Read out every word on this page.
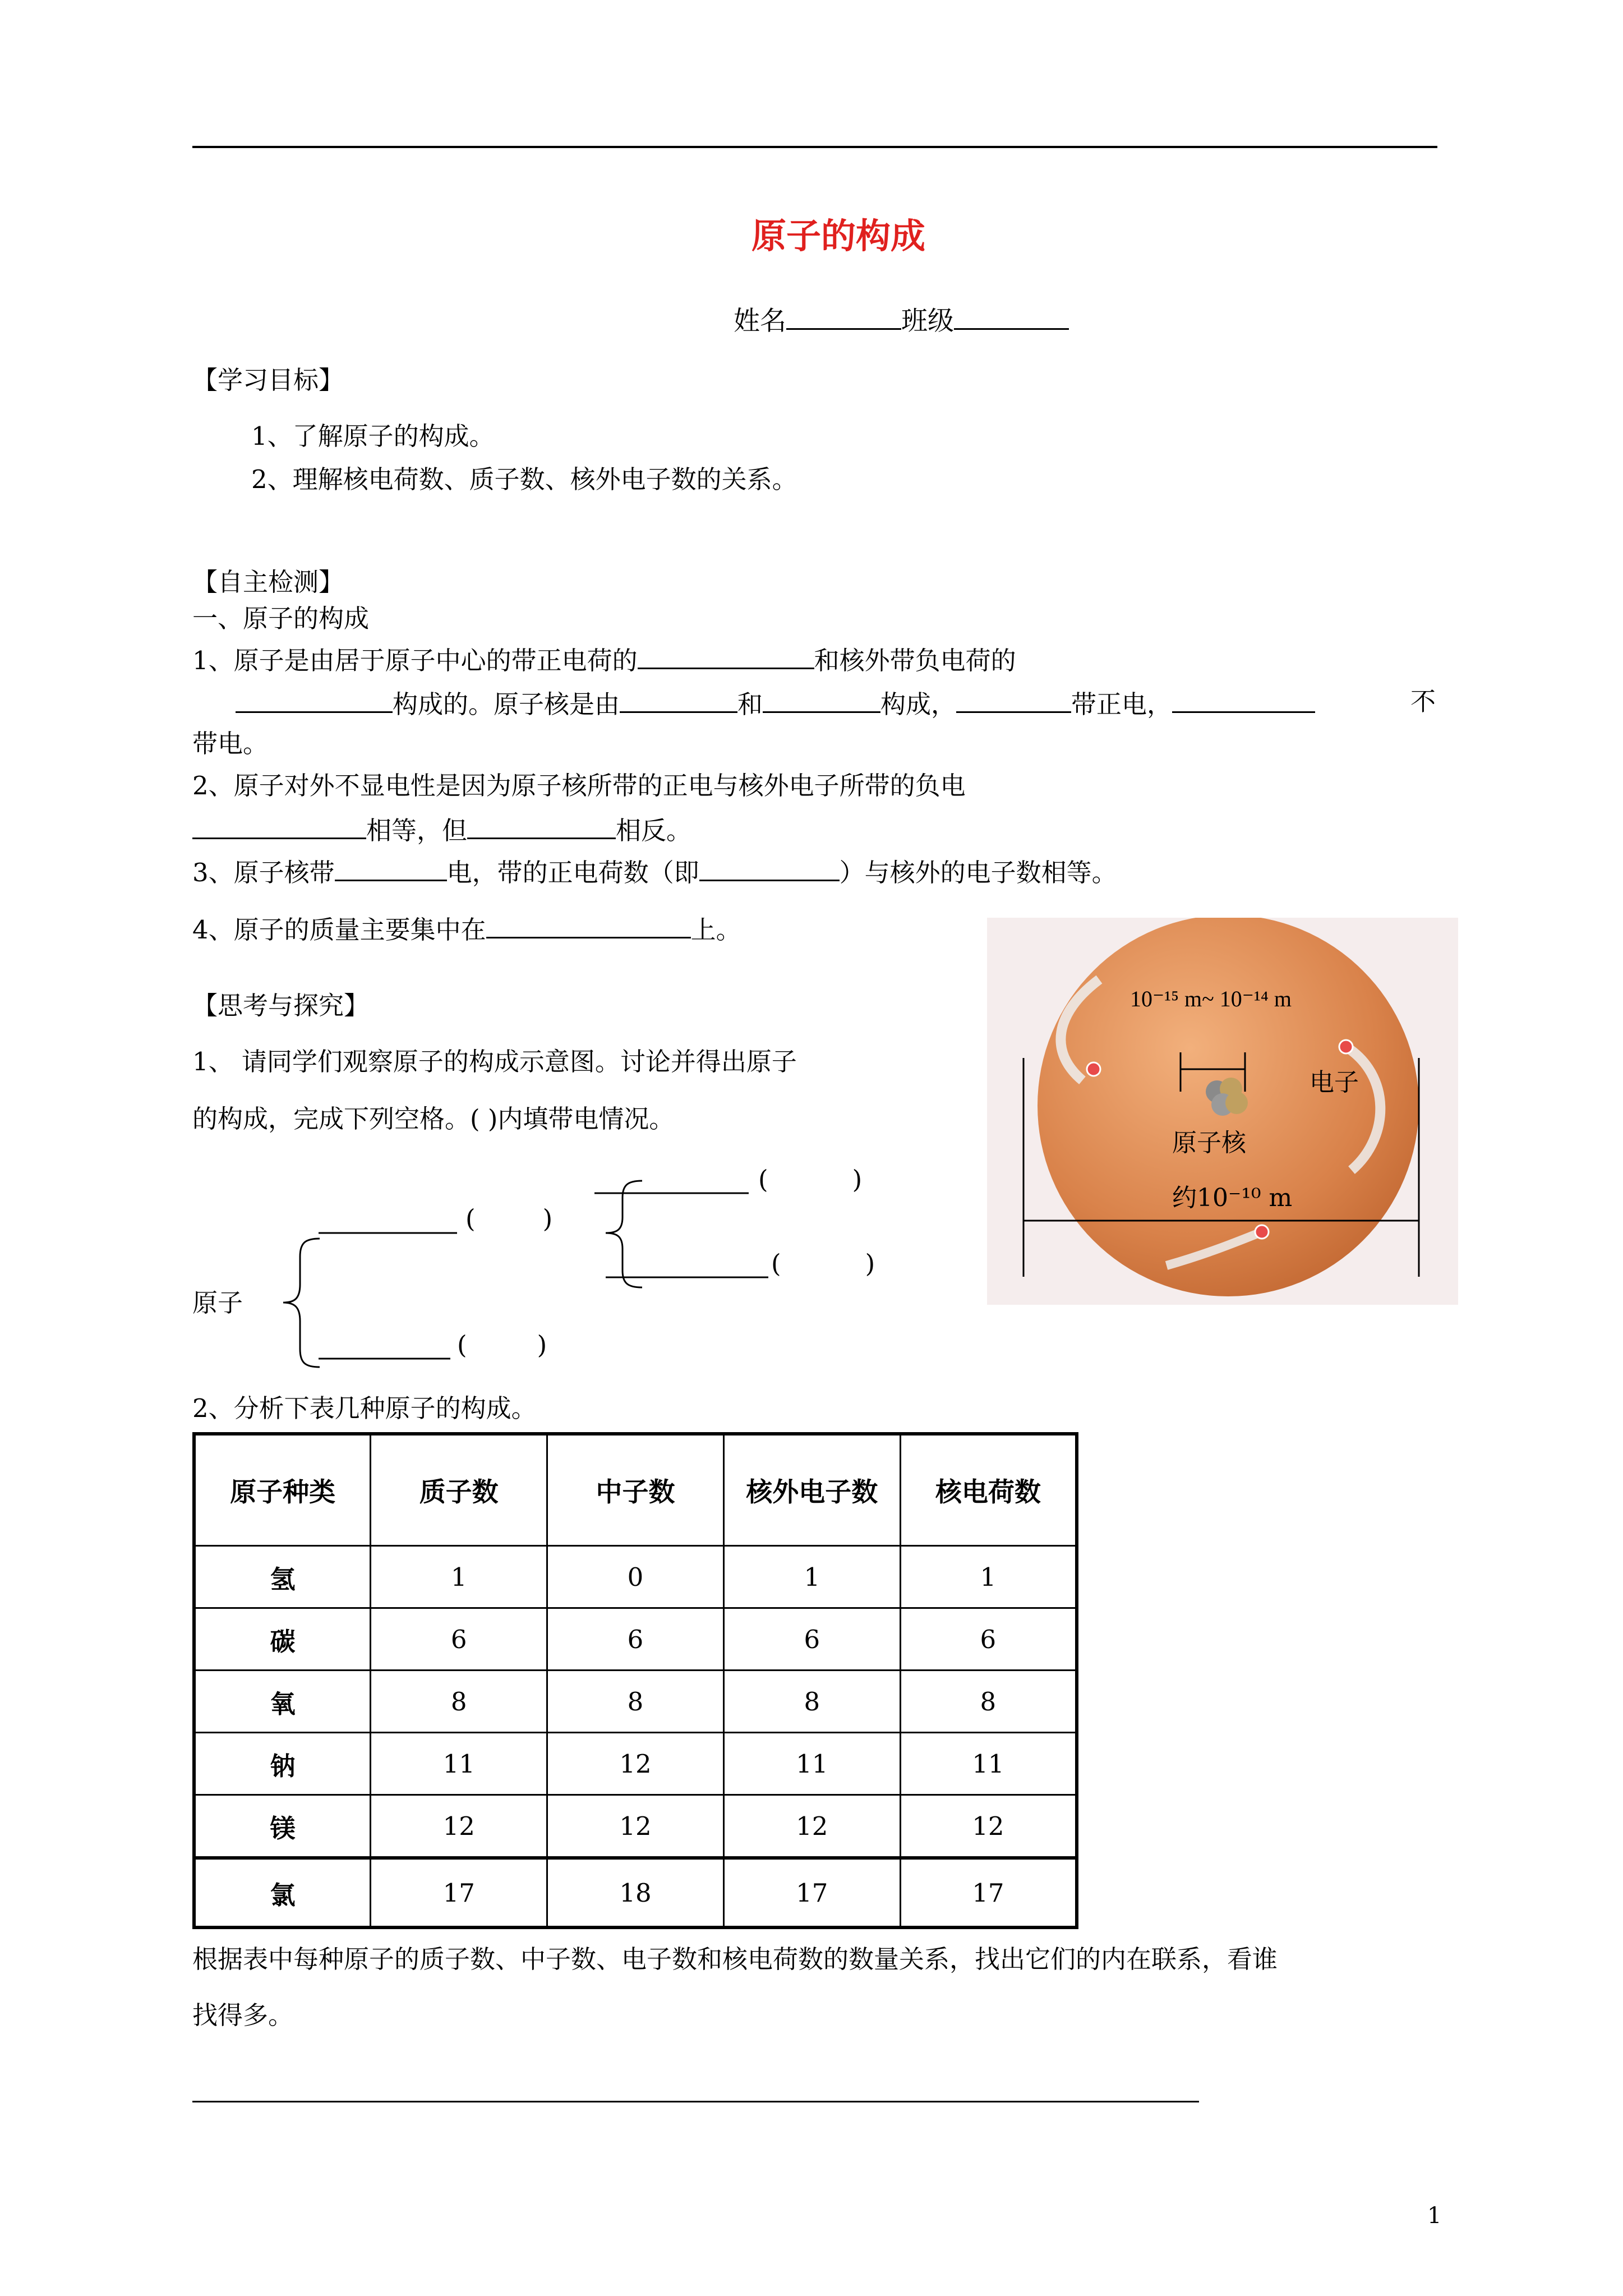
原子的构成
姓名	班级
【学习目标】
1、了解原子的构成。
2、理解核电荷数、质子数、核外电子数的关系。
【自主检测】
一、原子的构成
1、原子是由居于原子中心的带正电荷的	和核外带负电荷的
构成的。原子核是由	和	构成，	带正电，	不
带电。
2、原子对外不显电性是因为原子核所带的正电与核外电子所带的负电
相等，但	相反。
3、原子核带	电，带的正电荷数（即	）与核外的电子数相等。
4、原子的质量主要集中在	上。
【思考与探究】
1、 请同学们观察原子的构成示意图。讨论并得出原子
的构成，完成下列空格。( )内填带电情况。
原子
(	)
(	)
(	)
(	)
10⁻¹⁵ m~ 10⁻¹⁴ m
电子
原子核
约10⁻¹⁰ m
2、分析下表几种原子的构成。
原子种类	质子数	中子数	核外电子数	核电荷数
氢	1	0	1	1
碳	6	6	6	6
氧	8	8	8	8
钠	11	12	11	11
镁	12	12	12	12
氯	17	18	17	17
根据表中每种原子的质子数、中子数、电子数和核电荷数的数量关系，找出它们的内在联系，看谁
找得多。
1
